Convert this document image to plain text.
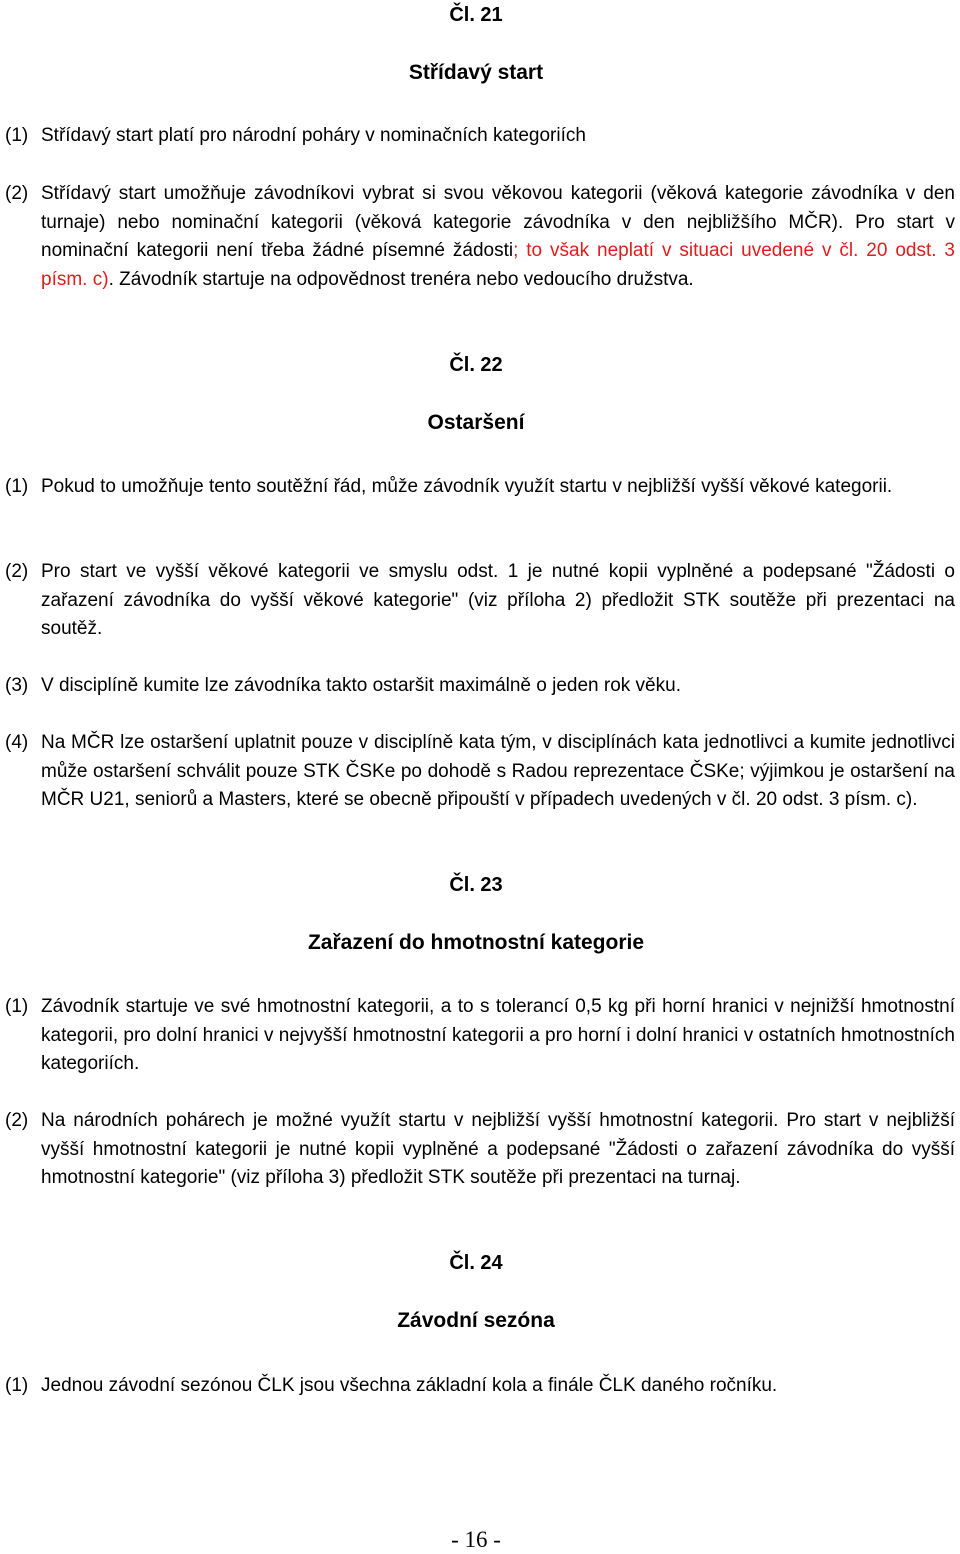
Čl. 21
Střídavý start
(1) Střídavý start platí pro národní poháry v nominačních kategoriích
(2) Střídavý start umožňuje závodníkovi vybrat si svou věkovou kategorii (věková kategorie závodníka v den turnaje) nebo nominační kategorii (věková kategorie závodníka v den nejbližšího MČR). Pro start v nominační kategorii není třeba žádné písemné žádosti; to však neplatí v situaci uvedené v čl. 20 odst. 3 písm. c). Závodník startuje na odpovědnost trenéra nebo vedoucího družstva.
Čl. 22
Ostaršení
(1) Pokud to umožňuje tento soutěžní řád, může závodník využít startu v nejbližší vyšší věkové kategorii.
(2) Pro start ve vyšší věkové kategorii ve smyslu odst. 1 je nutné kopii vyplněné a podepsané "Žádosti o zařazení závodníka do vyšší věkové kategorie" (viz příloha 2) předložit STK soutěže při prezentaci na soutěž.
(3) V disciplíně kumite lze závodníka takto ostaršit maximálně o jeden rok věku.
(4) Na MČR lze ostaršení uplatnit pouze v disciplíně kata tým, v disciplínách kata jednotlivci a kumite jednotlivci může ostaršení schválit pouze STK ČSKe po dohodě s Radou reprezentace ČSKe; výjimkou je ostaršení na MČR U21, seniorů a Masters, které se obecně připouští v případech uvedených v čl. 20 odst. 3 písm. c).
Čl. 23
Zařazení do hmotnostní kategorie
(1) Závodník startuje ve své hmotnostní kategorii, a to s tolerancí 0,5 kg při horní hranici v nejnižší hmotnostní kategorii, pro dolní hranici v nejvyšší hmotnostní kategorii a pro horní i dolní hranici v ostatních hmotnostních kategoriích.
(2) Na národních pohárech je možné využít startu v nejbližší vyšší hmotnostní kategorii. Pro start v nejbližší vyšší hmotnostní kategorii je nutné kopii vyplněné a podepsané "Žádosti o zařazení závodníka do vyšší hmotnostní kategorie" (viz příloha 3) předložit STK soutěže při prezentaci na turnaj.
Čl. 24
Závodní sezóna
(1) Jednou závodní sezónou ČLK jsou všechna základní kola a finále ČLK daného ročníku.
- 16 -
